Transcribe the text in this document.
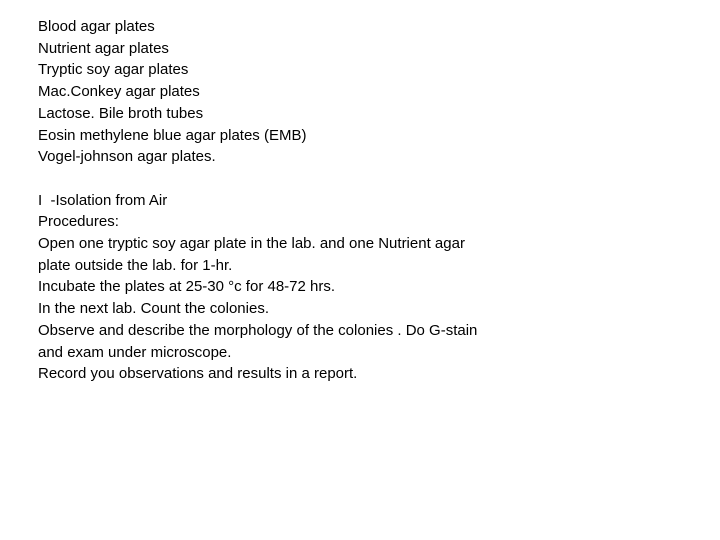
Blood agar plates
Nutrient agar plates
Tryptic soy agar plates
Mac.Conkey agar plates
Lactose. Bile broth tubes
Eosin methylene blue agar plates (EMB)
Vogel-johnson agar plates.
I  -Isolation from Air
Procedures:
Open one tryptic soy agar plate in the lab. and one Nutrient agar
plate outside the lab. for 1-hr.
Incubate the plates at 25-30 °c for 48-72 hrs.
In the next lab. Count the colonies.
Observe and describe the morphology of the colonies . Do G-stain
and exam under microscope.
Record you observations and results in a report.
